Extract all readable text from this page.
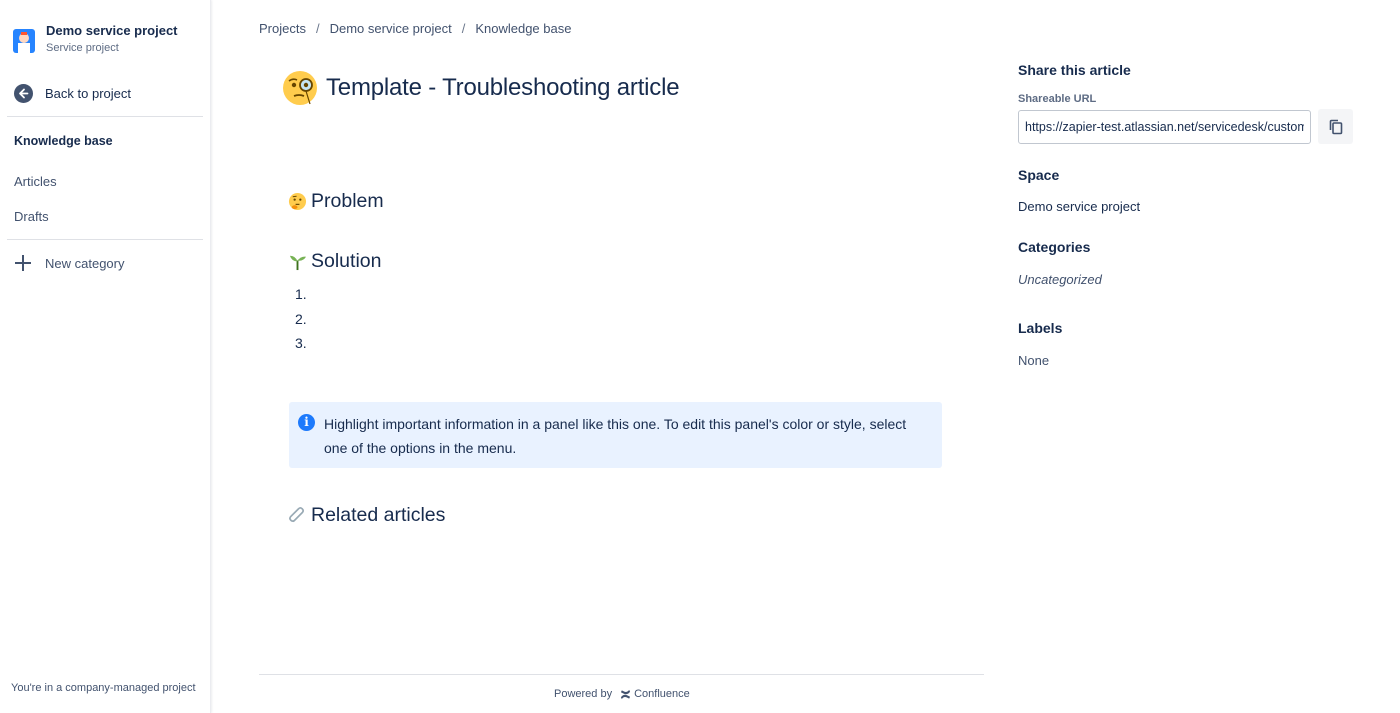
Demo service project
Service project
Back to project
Knowledge base
Articles
Drafts
New category
You're in a company-managed project
Projects / Demo service project / Knowledge base
Template - Troubleshooting article
Problem
Solution
1.
2.
3.
i	Highlight important information in a panel like this one. To edit this panel's color or style, select one of the options in the menu.
Related articles
Powered by Confluence
Share this article
Shareable URL
https://zapier-test.atlassian.net/servicedesk/customer/kb/view
Space
Demo service project
Categories
Uncategorized
Labels
None
